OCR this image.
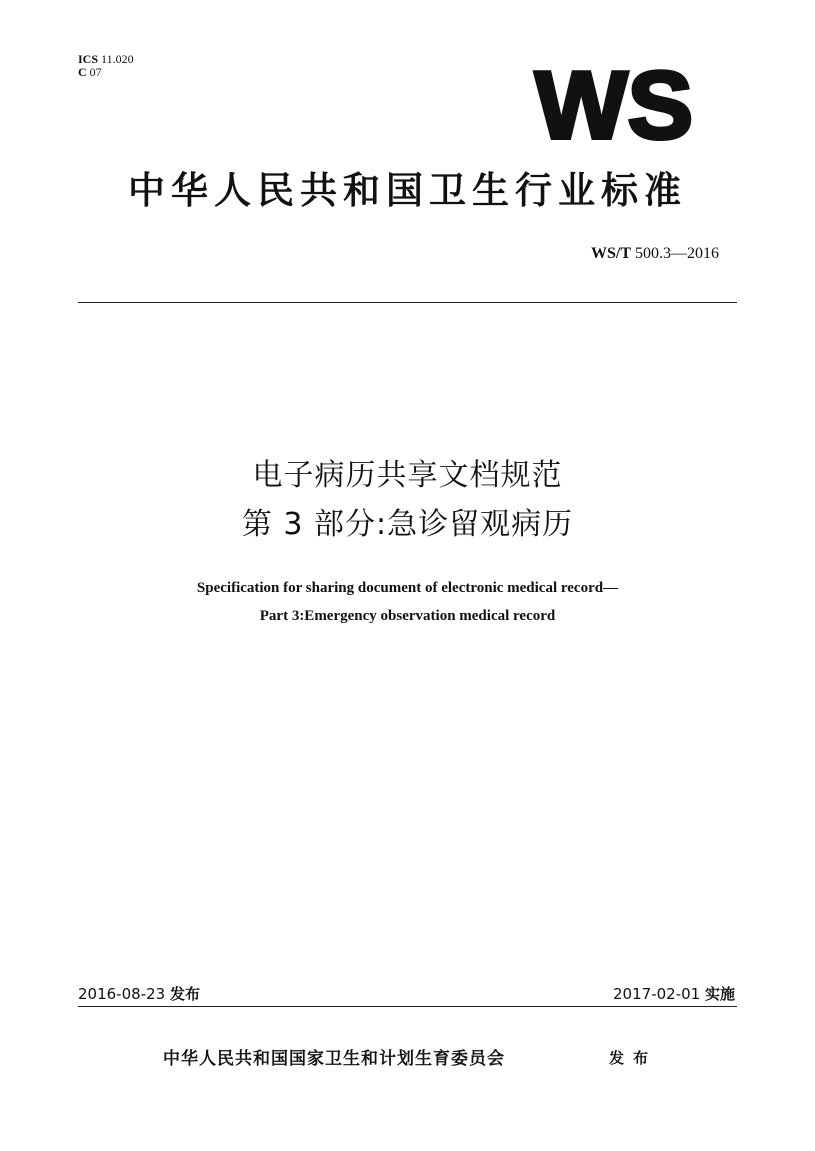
ICS 11.020
C 07	WS
中华人民共和国卫生行业标准
WS/T 500.3—2016
电子病历共享文档规范
第 3 部分:急诊留观病历
Specification for sharing document of electronic medical record—
Part 3:Emergency observation medical record
2016-08-23 发布	2017-02-01 实施
中华人民共和国国家卫生和计划生育委员会	发布
